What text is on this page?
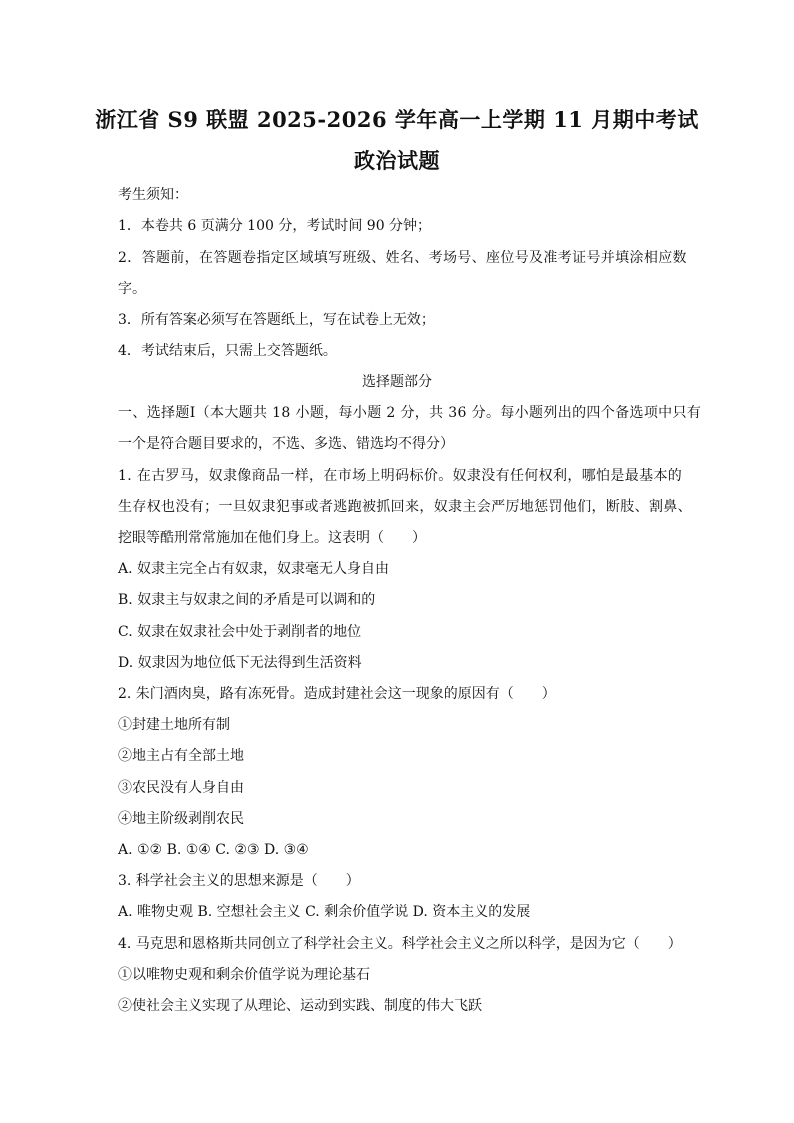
浙江省 S9 联盟 2025-2026 学年高一上学期 11 月期中考试
政治试题
考生须知：
1．本卷共 6 页满分 100 分，考试时间 90 分钟；
2．答题前，在答题卷指定区域填写班级、姓名、考场号、座位号及准考证号并填涂相应数
字。
3．所有答案必须写在答题纸上，写在试卷上无效；
4．考试结束后，只需上交答题纸。
选择题部分
一、选择题Ⅰ（本大题共 18 小题，每小题 2 分，共 36 分。每小题列出的四个备选项中只有
一个是符合题目要求的，不选、多选、错选均不得分）
1. 在古罗马，奴隶像商品一样，在市场上明码标价。奴隶没有任何权利，哪怕是最基本的
生存权也没有；一旦奴隶犯事或者逃跑被抓回来，奴隶主会严厉地惩罚他们，断肢、割鼻、
挖眼等酷刑常常施加在他们身上。这表明（　　）
A. 奴隶主完全占有奴隶，奴隶毫无人身自由
B. 奴隶主与奴隶之间的矛盾是可以调和的
C. 奴隶在奴隶社会中处于剥削者的地位
D. 奴隶因为地位低下无法得到生活资料
2. 朱门酒肉臭，路有冻死骨。造成封建社会这一现象的原因有（　　）
①封建土地所有制
②地主占有全部土地
③农民没有人身自由
④地主阶级剥削农民
A. ①② B. ①④ C. ②③ D. ③④
3. 科学社会主义的思想来源是（　　）
A. 唯物史观 B. 空想社会主义 C. 剩余价值学说 D. 资本主义的发展
4. 马克思和恩格斯共同创立了科学社会主义。科学社会主义之所以科学，是因为它（　　）
①以唯物史观和剩余价值学说为理论基石
②使社会主义实现了从理论、运动到实践、制度的伟大飞跃
